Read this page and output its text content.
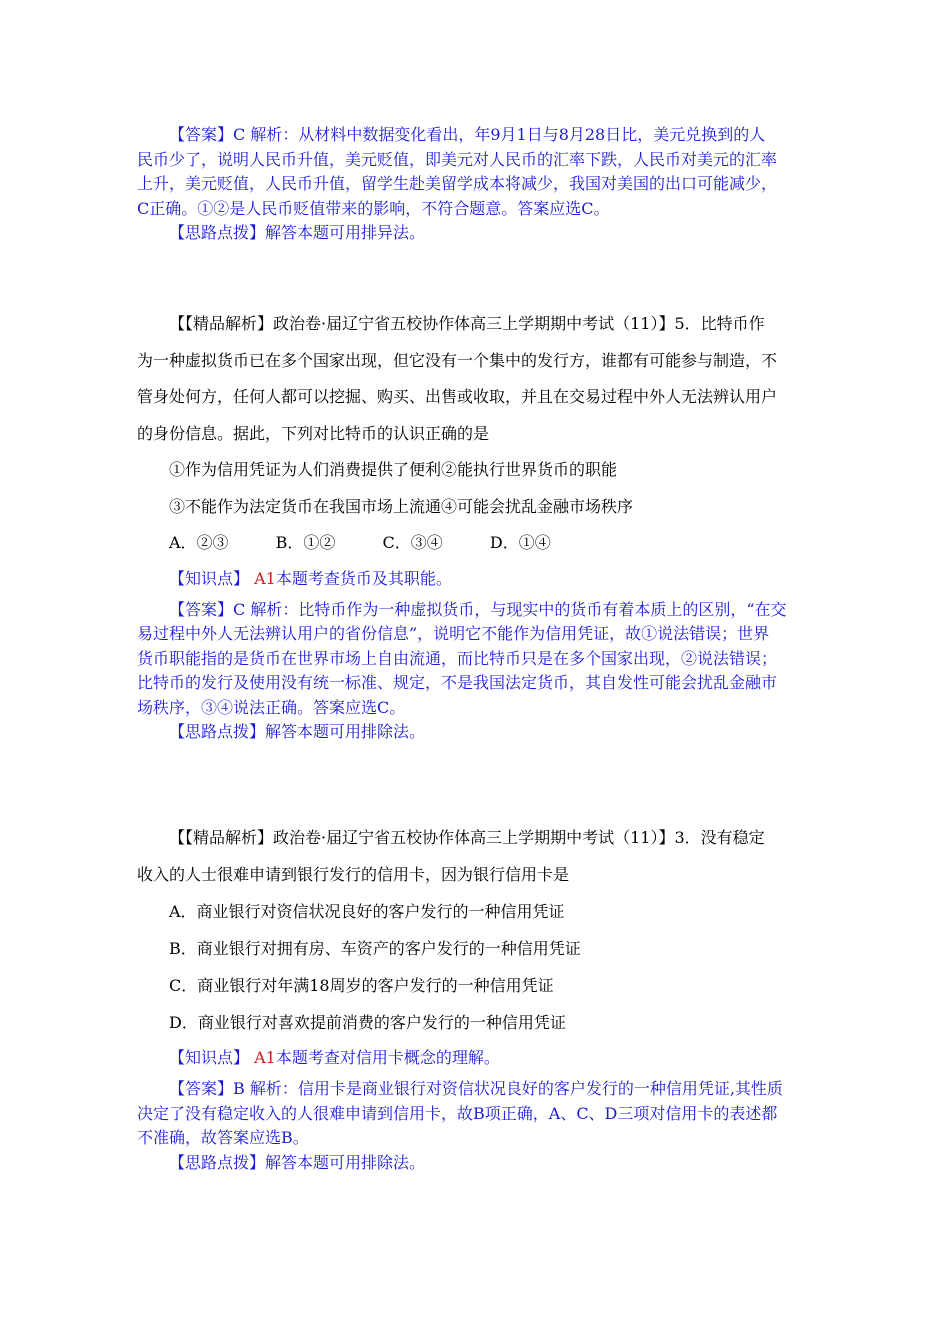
【答案】C 解析：从材料中数据变化看出，年9月1日与8月28日比，美元兑换到的人
民币少了，说明人民币升值，美元贬值，即美元对人民币的汇率下跌，人民币对美元的汇率
上升，美元贬值，人民币升值，留学生赴美留学成本将减少，我国对美国的出口可能减少，
C正确。①②是人民币贬值带来的影响，不符合题意。答案应选C。
【思路点拨】解答本题可用排异法。
【【精品解析】政治卷·届辽宁省五校协作体高三上学期期中考试（11）】5．比特币作
为一种虚拟货币已在多个国家出现，但它没有一个集中的发行方，谁都有可能参与制造，不
管身处何方，任何人都可以挖掘、购买、出售或收取，并且在交易过程中外人无法辨认用户
的身份信息。据此，下列对比特币的认识正确的是
①作为信用凭证为人们消费提供了便利②能执行世界货币的职能
③不能作为法定货币在我国市场上流通④可能会扰乱金融市场秩序
A．②③	B．①②	C．③④	D．①④
【知识点】 A1本题考查货币及其职能。
【答案】C 解析：比特币作为一种虚拟货币，与现实中的货币有着本质上的区别，“在交
易过程中外人无法辨认用户的省份信息”，说明它不能作为信用凭证，故①说法错误；世界
货币职能指的是货币在世界市场上自由流通，而比特币只是在多个国家出现，②说法错误；
比特币的发行及使用没有统一标准、规定，不是我国法定货币，其自发性可能会扰乱金融市
场秩序，③④说法正确。答案应选C。
【思路点拨】解答本题可用排除法。
【【精品解析】政治卷·届辽宁省五校协作体高三上学期期中考试（11）】3．没有稳定
收入的人士很难申请到银行发行的信用卡，因为银行信用卡是
A．商业银行对资信状况良好的客户发行的一种信用凭证
B．商业银行对拥有房、车资产的客户发行的一种信用凭证
C．商业银行对年满18周岁的客户发行的一种信用凭证
D．商业银行对喜欢提前消费的客户发行的一种信用凭证
【知识点】 A1本题考查对信用卡概念的理解。
【答案】B 解析：信用卡是商业银行对资信状况良好的客户发行的一种信用凭证,其性质
决定了没有稳定收入的人很难申请到信用卡，故B项正确，A、C、D三项对信用卡的表述都
不准确，故答案应选B。
【思路点拨】解答本题可用排除法。
